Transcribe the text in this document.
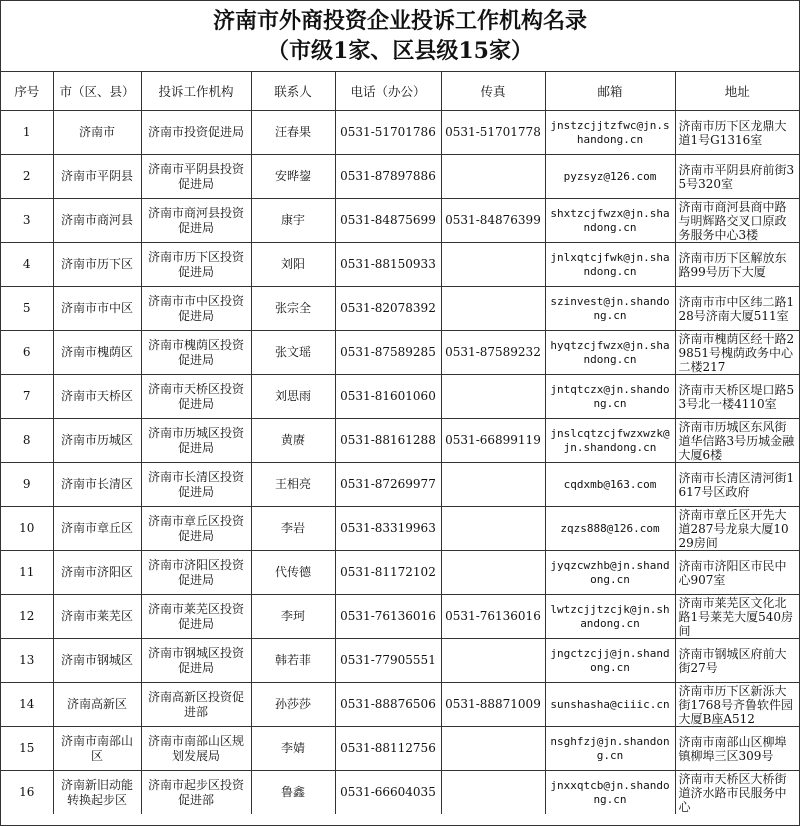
济南市外商投资企业投诉工作机构名录
（市级1家、区县级15家）
序号	市（区、县）	投诉工作机构	联系人	电话（办公）	传真	邮箱	地址
1	济南市	济南市投资促进局	汪春果	0531-51701786	0531-51701778	jnstzcjjtzfwc@jn.shandong.cn	济南市历下区龙鼎大道1号G1316室
2	济南市平阴县	济南市平阴县投资促进局	安晔鋆	0531-87897886		pyzsyz@126.com	济南市平阴县府前街35号320室
3	济南市商河县	济南市商河县投资促进局	康宇	0531-84875699	0531-84876399	shxtzcjfwzx@jn.shandong.cn	济南市商河县商中路与明辉路交叉口原政务服务中心3楼
4	济南市历下区	济南市历下区投资促进局	刘阳	0531-88150933		jnlxqtcjfwk@jn.shandong.cn	济南市历下区解放东路99号历下大厦
5	济南市市中区	济南市市中区投资促进局	张宗全	0531-82078392		szinvest@jn.shandong.cn	济南市市中区纬二路128号济南大厦511室
6	济南市槐荫区	济南市槐荫区投资促进局	张文瑶	0531-87589285	0531-87589232	hyqtzcjfwzx@jn.shandong.cn	济南市槐荫区经十路29851号槐荫政务中心二楼217
7	济南市天桥区	济南市天桥区投资促进局	刘思雨	0531-81601060		jntqtczx@jn.shandong.cn	济南市天桥区堤口路53号北一楼4110室
8	济南市历城区	济南市历城区投资促进局	黄赓	0531-88161288	0531-66899119	jnslcqtzcjfwzxwzk@jn.shandong.cn	济南市历城区东风街道华信路3号历城金融大厦6楼
9	济南市长清区	济南市长清区投资促进局	王相亮	0531-87269977		cqdxmb@163.com	济南市长清区清河街1617号区政府
10	济南市章丘区	济南市章丘区投资促进局	李岩	0531-83319963		zqzs888@126.com	济南市章丘区开先大道287号龙泉大厦1029房间
11	济南市济阳区	济南市济阳区投资促进局	代传德	0531-81172102		jyqzcwzhb@jn.shandong.cn	济南市济阳区市民中心907室
12	济南市莱芜区	济南市莱芜区投资促进局	李珂	0531-76136016	0531-76136016	lwtzcjjtzcjk@jn.shandong.cn	济南市莱芜区文化北路1号莱芜大厦540房间
13	济南市钢城区	济南市钢城区投资促进局	韩若菲	0531-77905551		jngctzcjj@jn.shandong.cn	济南市钢城区府前大街27号
14	济南高新区	济南高新区投资促进部	孙莎莎	0531-88876506	0531-88871009	sunshasha@ciiic.cn	济南市历下区新泺大街1768号齐鲁软件园大厦B座A512
15	济南市南部山区	济南市南部山区规划发展局	李婧	0531-88112756		nsghfzj@jn.shandong.cn	济南市南部山区柳埠镇柳埠三区309号
16	济南新旧动能转换起步区	济南市起步区投资促进部	鲁鑫	0531-66604035		jnxxqtcb@jn.shandong.cn	济南市天桥区大桥街道济水路市民服务中心
